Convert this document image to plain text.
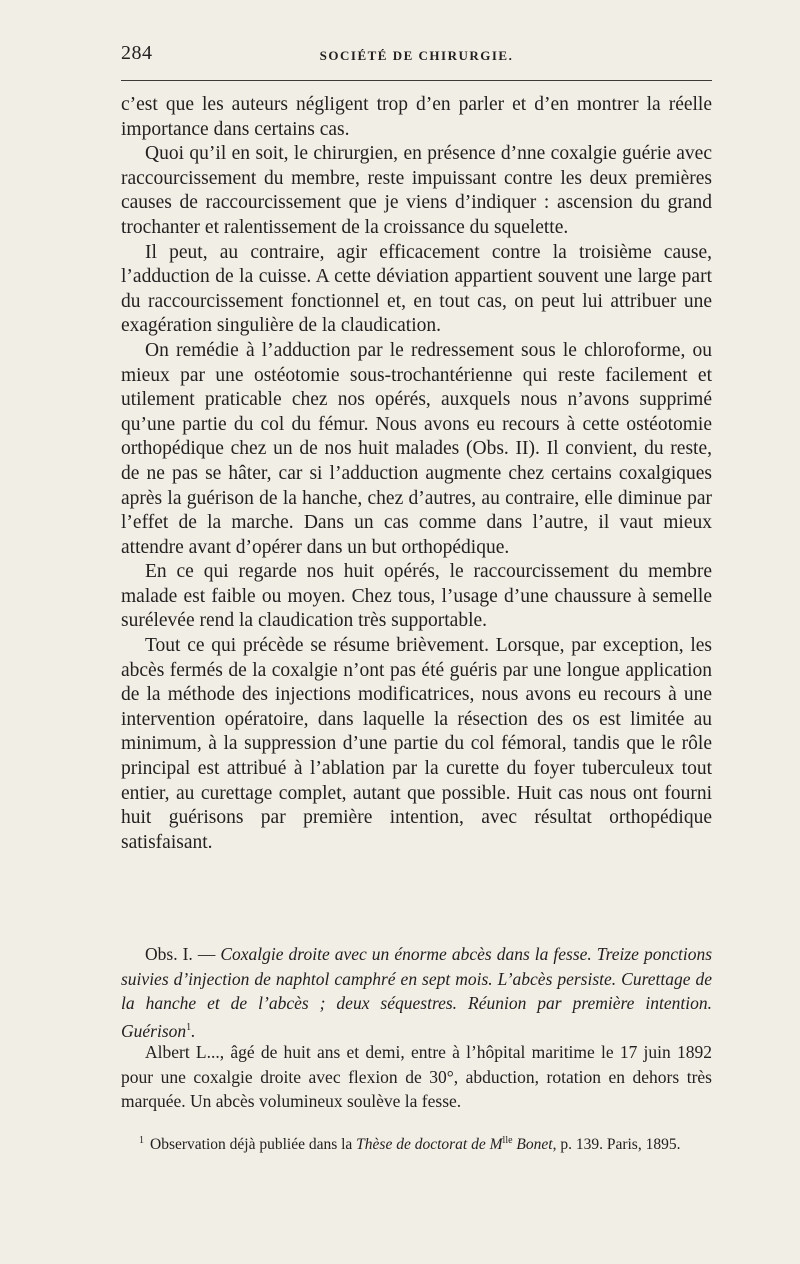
284	SOCIÉTÉ DE CHIRURGIE.

c’est que les auteurs négligent trop d’en parler et d’en montrer la réelle importance dans certains cas.

Quoi qu’il en soit, le chirurgien, en présence d’nne coxalgie guérie avec raccourcissement du membre, reste impuissant contre les deux premières causes de raccourcissement que je viens d’indiquer : ascension du grand trochanter et ralentissement de la croissance du squelette.

Il peut, au contraire, agir efficacement contre la troisième cause, l’adduction de la cuisse. A cette déviation appartient souvent une large part du raccourcissement fonctionnel et, en tout cas, on peut lui attribuer une exagération singulière de la claudication.

On remédie à l’adduction par le redressement sous le chloroforme, ou mieux par une ostéotomie sous-trochantérienne qui reste facilement et utilement praticable chez nos opérés, auxquels nous n’avons supprimé qu’une partie du col du fémur. Nous avons eu recours à cette ostéotomie orthopédique chez un de nos huit malades (Obs. II). Il convient, du reste, de ne pas se hâter, car si l’adduction augmente chez certains coxalgiques après la guérison de la hanche, chez d’autres, au contraire, elle diminue par l’effet de la marche. Dans un cas comme dans l’autre, il vaut mieux attendre avant d’opérer dans un but orthopédique.

En ce qui regarde nos huit opérés, le raccourcissement du membre malade est faible ou moyen. Chez tous, l’usage d’une chaussure à semelle surélevée rend la claudication très supportable.

Tout ce qui précède se résume brièvement. Lorsque, par exception, les abcès fermés de la coxalgie n’ont pas été guéris par une longue application de la méthode des injections modificatrices, nous avons eu recours à une intervention opératoire, dans laquelle la résection des os est limitée au minimum, à la suppression d’une partie du col fémoral, tandis que le rôle principal est attribué à l’ablation par la curette du foyer tuberculeux tout entier, au curettage complet, autant que possible. Huit cas nous ont fourni huit guérisons par première intention, avec résultat orthopédique satisfaisant.

Obs. I. — Coxalgie droite avec un énorme abcès dans la fesse. Treize ponctions suivies d’injection de naphtol camphré en sept mois. L’abcès persiste. Curettage de la hanche et de l’abcès ; deux séquestres. Réunion par première intention. Guérison$^1$.

Albert L..., âgé de huit ans et demi, entre à l’hôpital maritime le 17 juin 1892 pour une coxalgie droite avec flexion de 30°, abduction, rotation en dehors très marquée. Un abcès volumineux soulève la fesse.

$^1$ Observation déjà publiée dans la Thèse de doctorat de $M^{lle}$ Bonet, p. 139. Paris, 1895.
